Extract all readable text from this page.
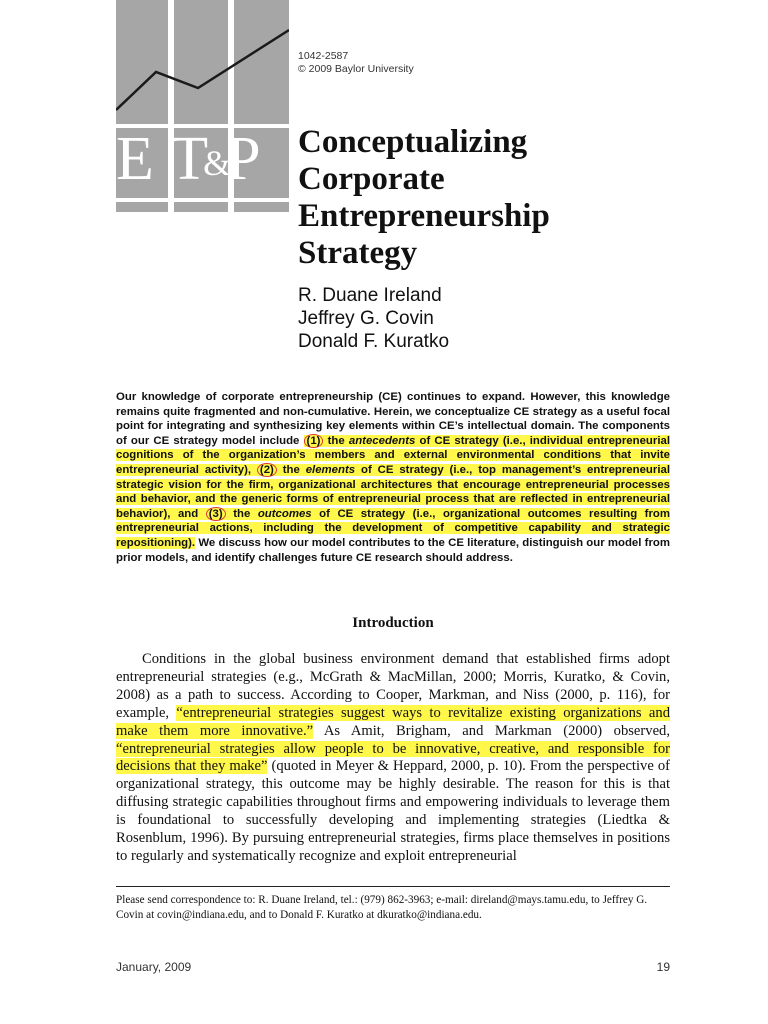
E T&P
1042-2587
© 2009 Baylor University
Conceptualizing
Corporate
Entrepreneurship
Strategy
R. Duane Ireland
Jeffrey G. Covin
Donald F. Kuratko
Our knowledge of corporate entrepreneurship (CE) continues to expand. However, this knowledge remains quite fragmented and non-cumulative. Herein, we conceptualize CE strategy as a useful focal point for integrating and synthesizing key elements within CE’s intellectual domain. The components of our CE strategy model include (1) the antecedents of CE strategy (i.e., individual entrepreneurial cognitions of the organization’s members and external environmental conditions that invite entrepreneurial activity), (2) the elements of CE strategy (i.e., top management’s entrepreneurial strategic vision for the firm, organizational architectures that encourage entrepreneurial processes and behavior, and the generic forms of entrepreneurial process that are reflected in entrepreneurial behavior), and (3) the outcomes of CE strategy (i.e., organizational outcomes resulting from entrepreneurial actions, including the development of competitive capability and strategic repositioning). We discuss how our model contributes to the CE literature, distinguish our model from prior models, and identify challenges future CE research should address.
Introduction

Conditions in the global business environment demand that established firms adopt entrepreneurial strategies (e.g., McGrath & MacMillan, 2000; Morris, Kuratko, & Covin, 2008) as a path to success. According to Cooper, Markman, and Niss (2000, p. 116), for example, “entrepreneurial strategies suggest ways to revitalize existing organizations and make them more innovative.” As Amit, Brigham, and Markman (2000) observed, “entrepreneurial strategies allow people to be innovative, creative, and responsible for decisions that they make” (quoted in Meyer & Heppard, 2000, p. 10). From the perspective of organizational strategy, this outcome may be highly desirable. The reason for this is that diffusing strategic capabilities throughout firms and empowering individuals to leverage them is foundational to successfully developing and implementing strategies (Liedtka & Rosenblum, 1996). By pursuing entrepreneurial strategies, firms place themselves in positions to regularly and systematically recognize and exploit entrepreneurial

Please send correspondence to: R. Duane Ireland, tel.: (979) 862-3963; e-mail: direland@mays.tamu.edu, to Jeffrey G. Covin at covin@indiana.edu, and to Donald F. Kuratko at dkuratko@indiana.edu.
January, 2009	19
